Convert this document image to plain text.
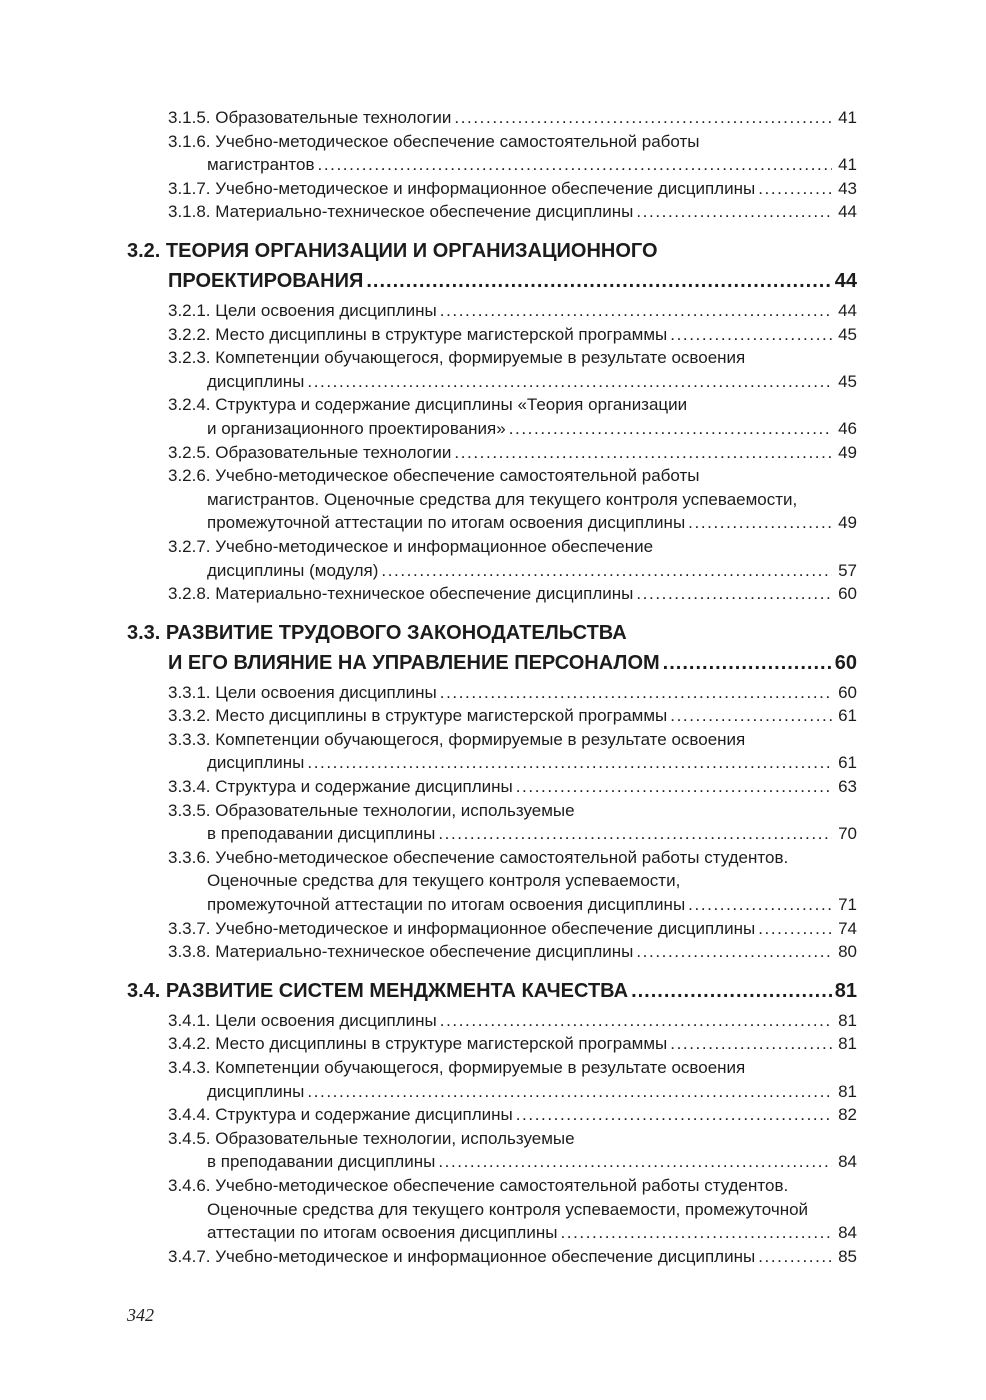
3.1.5. Образовательные технологии .....	41
3.1.6. Учебно-методическое обеспечение самостоятельной работы
магистрантов .....	41
3.1.7. Учебно-методическое и информационное обеспечение дисциплины .....	43
3.1.8. Материально-техническое обеспечение дисциплины .....	44
3.2. ТЕОРИЯ ОРГАНИЗАЦИИ И ОРГАНИЗАЦИОННОГО
ПРОЕКТИРОВАНИЯ .....	44
3.2.1. Цели освоения дисциплины .....	44
3.2.2. Место дисциплины в структуре магистерской программы .....	45
3.2.3. Компетенции обучающегося, формируемые в результате освоения
дисциплины .....	45
3.2.4. Структура и содержание дисциплины «Теория организации
и организационного проектирования» .....	46
3.2.5. Образовательные технологии .....	49
3.2.6. Учебно-методическое обеспечение самостоятельной работы
магистрантов. Оценочные средства для текущего контроля успеваемости,
промежуточной аттестации по итогам освоения дисциплины .....	49
3.2.7. Учебно-методическое и информационное обеспечение
дисциплины (модуля) .....	57
3.2.8. Материально-техническое обеспечение дисциплины .....	60
3.3. РАЗВИТИЕ ТРУДОВОГО ЗАКОНОДАТЕЛЬСТВА
И ЕГО ВЛИЯНИЕ НА УПРАВЛЕНИЕ ПЕРСОНАЛОМ .....	60
3.3.1. Цели освоения дисциплины .....	60
3.3.2. Место дисциплины в структуре магистерской программы .....	61
3.3.3. Компетенции обучающегося, формируемые в результате освоения
дисциплины .....	61
3.3.4. Структура и содержание дисциплины .....	63
3.3.5. Образовательные технологии, используемые
в преподавании дисциплины .....	70
3.3.6. Учебно-методическое обеспечение самостоятельной работы студентов.
Оценочные средства для текущего контроля успеваемости,
промежуточной аттестации по итогам освоения дисциплины .....	71
3.3.7. Учебно-методическое и информационное обеспечение дисциплины .....	74
3.3.8. Материально-техническое обеспечение дисциплины .....	80
3.4. РАЗВИТИЕ СИСТЕМ МЕНДЖМЕНТА КАЧЕСТВА .....	81
3.4.1. Цели освоения дисциплины .....	81
3.4.2. Место дисциплины в структуре магистерской программы .....	81
3.4.3. Компетенции обучающегося, формируемые в результате освоения
дисциплины .....	81
3.4.4. Структура и содержание дисциплины .....	82
3.4.5. Образовательные технологии, используемые
в преподавании дисциплины .....	84
3.4.6. Учебно-методическое обеспечение самостоятельной работы студентов.
Оценочные средства для текущего контроля успеваемости, промежуточной
аттестации по итогам освоения дисциплины .....	84
3.4.7. Учебно-методическое и информационное обеспечение дисциплины .....	85
342
